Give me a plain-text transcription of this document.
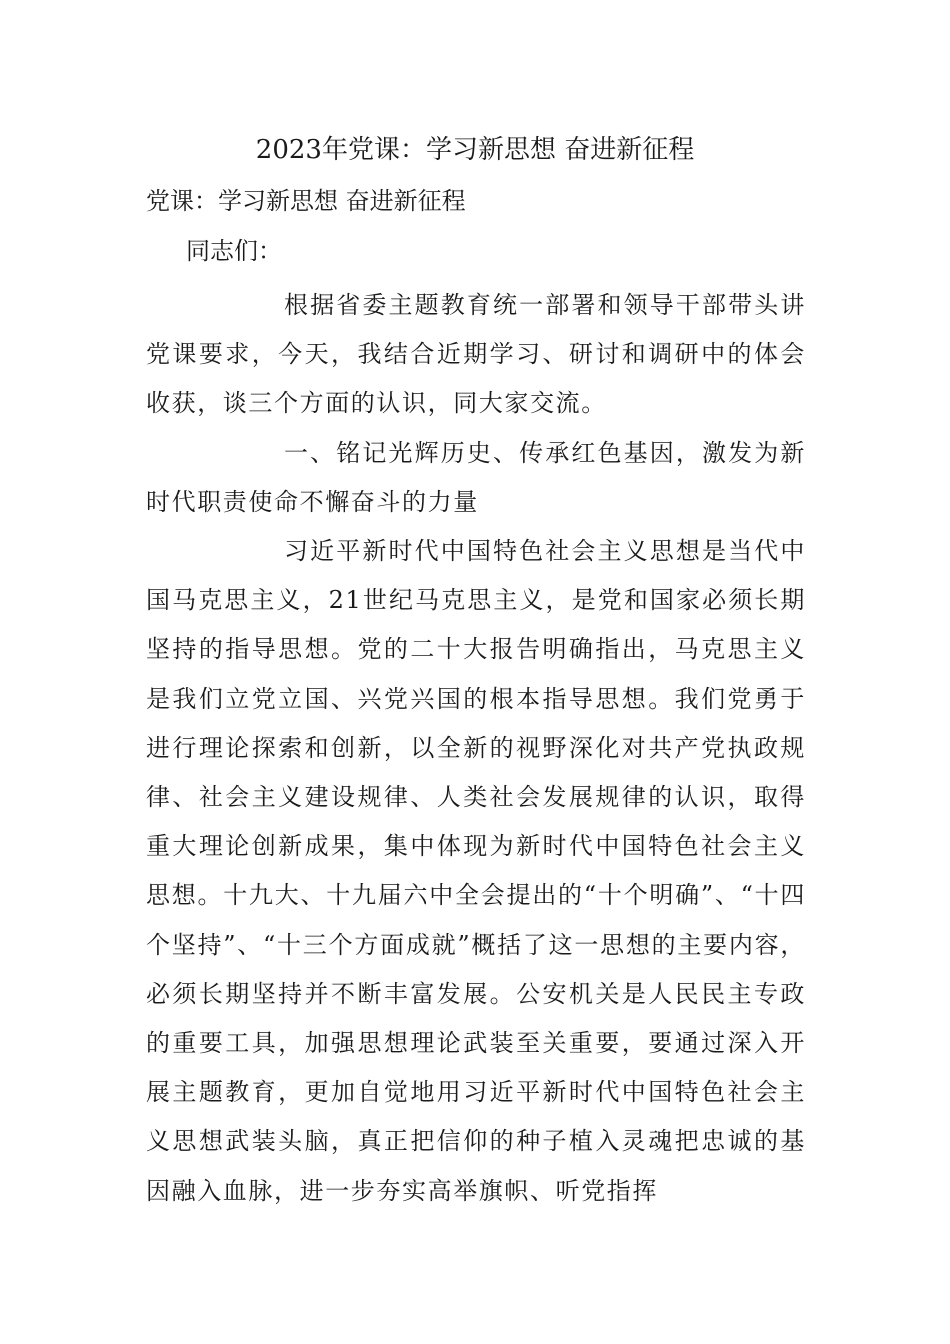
2023年党课：学习新思想 奋进新征程
党课：学习新思想 奋进新征程
同志们：

根据省委主题教育统一部署和领导干部带头讲党课要求，今天，我结合近期学习、研讨和调研中的体会收获，谈三个方面的认识，同大家交流。

一、铭记光辉历史、传承红色基因，激发为新时代职责使命不懈奋斗的力量

习近平新时代中国特色社会主义思想是当代中国马克思主义，21世纪马克思主义，是党和国家必须长期坚持的指导思想。党的二十大报告明确指出，马克思主义是我们立党立国、兴党兴国的根本指导思想。我们党勇于进行理论探索和创新，以全新的视野深化对共产党执政规律、社会主义建设规律、人类社会发展规律的认识，取得重大理论创新成果，集中体现为新时代中国特色社会主义思想。十九大、十九届六中全会提出的“十个明确”、“十四个坚持”、“十三个方面成就”概括了这一思想的主要内容，必须长期坚持并不断丰富发展。公安机关是人民民主专政的重要工具，加强思想理论武装至关重要，要通过深入开展主题教育，更加自觉地用习近平新时代中国特色社会主义思想武装头脑，真正把信仰的种子植入灵魂把忠诚的基因融入血脉，进一步夯实高举旗帜、听党指挥
